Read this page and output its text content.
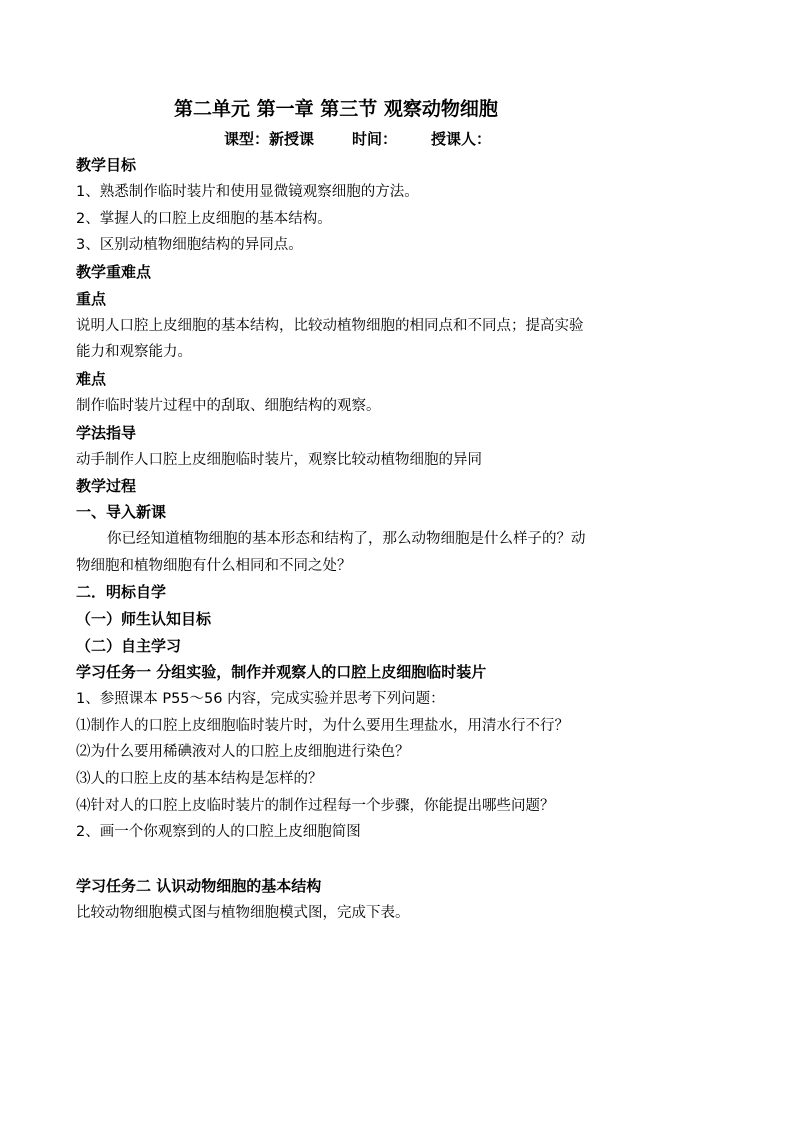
第二单元 第一章 第三节 观察动物细胞
课型：新授课	时间： 授课人：
教学目标
1、熟悉制作临时装片和使用显微镜观察细胞的方法。
2、掌握人的口腔上皮细胞的基本结构。
3、区别动植物细胞结构的异同点。
教学重难点
重点
说明人口腔上皮细胞的基本结构，比较动植物细胞的相同点和不同点；提高实验
能力和观察能力。
难点
制作临时装片过程中的刮取、细胞结构的观察。
学法指导
动手制作人口腔上皮细胞临时装片，观察比较动植物细胞的异同
教学过程
一、导入新课
你已经知道植物细胞的基本形态和结构了，那么动物细胞是什么样子的？动
物细胞和植物细胞有什么相同和不同之处？
二．明标自学
（一）师生认知目标
（二）自主学习
学习任务一 分组实验，制作并观察人的口腔上皮细胞临时装片
1、参照课本 P55～56 内容，完成实验并思考下列问题：
⑴制作人的口腔上皮细胞临时装片时，为什么要用生理盐水，用清水行不行？
⑵为什么要用稀碘液对人的口腔上皮细胞进行染色？
⑶人的口腔上皮的基本结构是怎样的？
⑷针对人的口腔上皮临时装片的制作过程每一个步骤，你能提出哪些问题？
2、画一个你观察到的人的口腔上皮细胞简图
学习任务二 认识动物细胞的基本结构
比较动物细胞模式图与植物细胞模式图，完成下表。
